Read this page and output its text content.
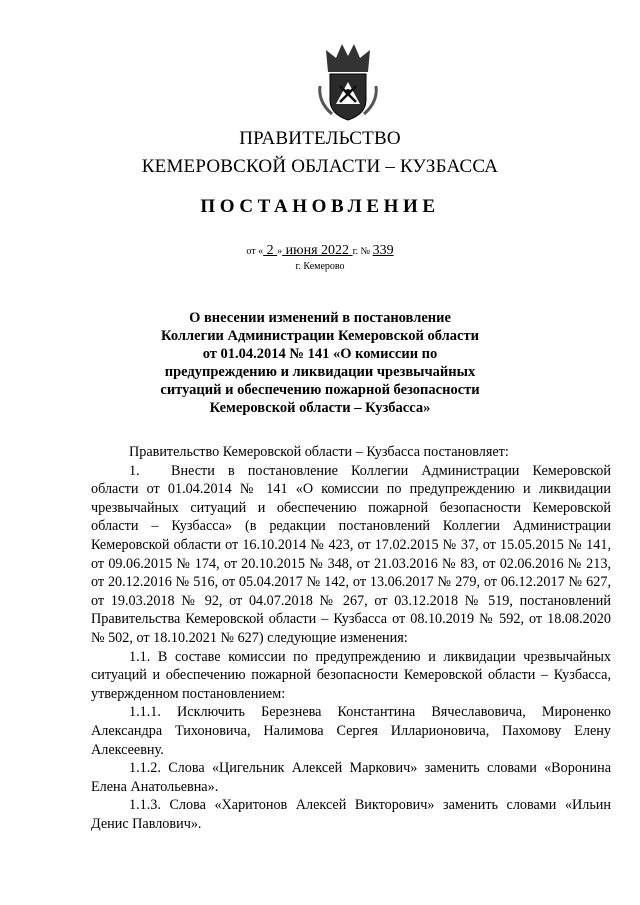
ПРАВИТЕЛЬСТВО
КЕМЕРОВСКОЙ ОБЛАСТИ – КУЗБАССА
ПОСТАНОВЛЕНИЕ
от « 2 » июня 2022 г. № 339
г. Кемерово
О внесении изменений в постановление
Коллегии Администрации Кемеровской области
от 01.04.2014 № 141 «О комиссии по
предупреждению и ликвидации чрезвычайных
ситуаций и обеспечению пожарной безопасности
Кемеровской области – Кузбасса»

Правительство Кемеровской области – Кузбасса постановляет:

1. Внести в постановление Коллегии Администрации Кемеровской области от 01.04.2014 № 141 «О комиссии по предупреждению и ликвидации чрезвычайных ситуаций и обеспечению пожарной безопасности Кемеровской области – Кузбасса» (в редакции постановлений Коллегии Администрации Кемеровской области от 16.10.2014 № 423, от 17.02.2015 № 37, от 15.05.2015 № 141, от 09.06.2015 № 174, от 20.10.2015 № 348, от 21.03.2016 № 83, от 02.06.2016 № 213, от 20.12.2016 № 516, от 05.04.2017 № 142, от 13.06.2017 № 279, от 06.12.2017 № 627, от 19.03.2018 № 92, от 04.07.2018 № 267, от 03.12.2018 № 519, постановлений Правительства Кемеровской области – Кузбасса от 08.10.2019 № 592, от 18.08.2020 № 502, от 18.10.2021 № 627) следующие изменения:

1.1. В составе комиссии по предупреждению и ликвидации чрезвычайных ситуаций и обеспечению пожарной безопасности Кемеровской области – Кузбасса, утвержденном постановлением:

1.1.1. Исключить Березнева Константина Вячеславовича, Мироненко Александра Тихоновича, Налимова Сергея Илларионовича, Пахомову Елену Алексеевну.

1.1.2. Слова «Цигельник Алексей Маркович» заменить словами «Воронина Елена Анатольевна».

1.1.3. Слова «Харитонов Алексей Викторович» заменить словами «Ильин Денис Павлович».
